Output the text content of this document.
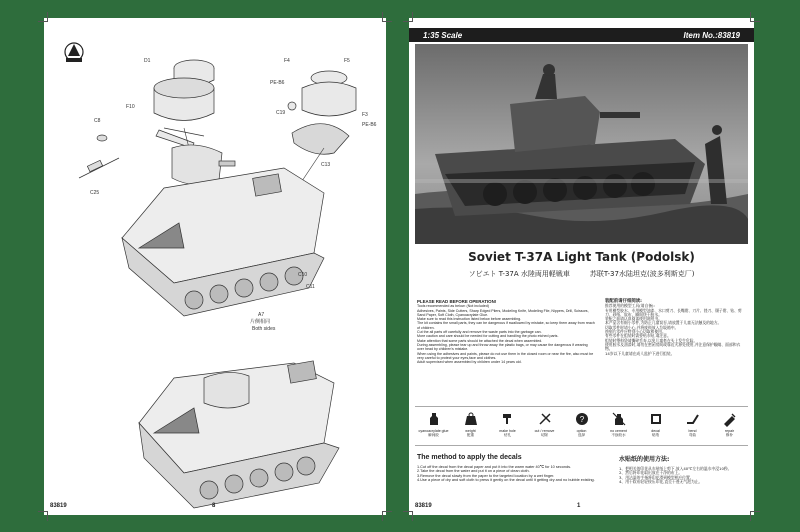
D1
F10
C8
C25
F4	F5
PE-B6
C19	F3
PE-B6
C13
C11
C10
A7
片侧相同
Both sides
83819	8
1:35 Scale	Item No.:83819
Soviet T-37A Light Tank (Podolsk)
ソビエト T-37A 水陸両用軽戦車	苏联T-37水陆坦克(波多利斯克厂)
PLEASE READ BEFORE OPERATION!
Tools recommended as below: (Not included)
Adhesives, Paints, Side Cutters, Sharp Edged Pliers, Modeling Knife, Modeling File, Nippers, Drill, Scissors, Sand Paper, Soft Cloth, Cyanoacrylate Glue.
Make sure to read this instruction listed below before assembling.
The kit contains the small parts, they can be dangerous if swallowed by mistake, so keep them away from reach of children.
Cut the all parts off carefully and remove the waste parts into the garbage can.
More caution and care should be needed for cutting and handling the photo etched parts.
Make attention that some parts should be attached the decal when assembled.
During assembling, please tear up and throw away the plastic bags, or may cause the dangerous if wearing over head by children's mistake.
When using the adhesives and paints, please do not use them in the closed room or near the fire, also must be very careful to protect your eyes,face and clothes.
Adult supervised when assembled by children under 14 years old.
装配前请仔细阅读:
推荐使用的模型工具(请自备):
专用模型胶水、专用模型油漆、水口剪刀、长嘴钳、刀片、锉刀、镊子钳、钻、剪刀、砂纸、软布、瞬间快干胶水。
装配之前请认真阅读使用说明书。
本产品含有细小零件,为防止儿童误吞,请放置于儿童无法触及的地方。
切取零件时请小心,并将废料放入垃圾箱中。
蚀刻片零件应特别小心切取和使用。
有些零件在组装时需要贴水贴,请注意。
组装时塑料袋请撕碎丢弃,以免儿童套在头上发生危险。
使用胶水及油漆时,请勿在密闭房间或靠近火源处使用,并注意保护眼睛、面部和衣物。
14岁以下儿童请在成人监护下进行组装。
cyanoacrylate glue
瞬间胶
weight
配重
make hole
钻孔
cut / remove
切除
?
option
选择
no cement
不涂胶水
decal
贴纸
bend
弯曲
repair
修补
The method to apply the decals

1.Cut off the decal from the decal paper and put it into the warm water 40℃ for 10 seconds.

2.Take the decal from the water and put it on a piece of clean cloth.

3.Remove the decal slowly from the paper to the targeted location by a wet finger.

4.Use a piece of dry and soft cloth to press it gently on the decal until it getting dry and no bubble existing.

水贴纸的使用方法:

1、把相关的印花从水贴纸上剪下,放入40℃左右的温水中浸10秒。

2、然后将印花取出放在干净的布上。

3、用沾湿的手指将印花滑到模型相应位置。

4、用干软布轻轻按压印花,直至干透无气泡为止。

83819	1
